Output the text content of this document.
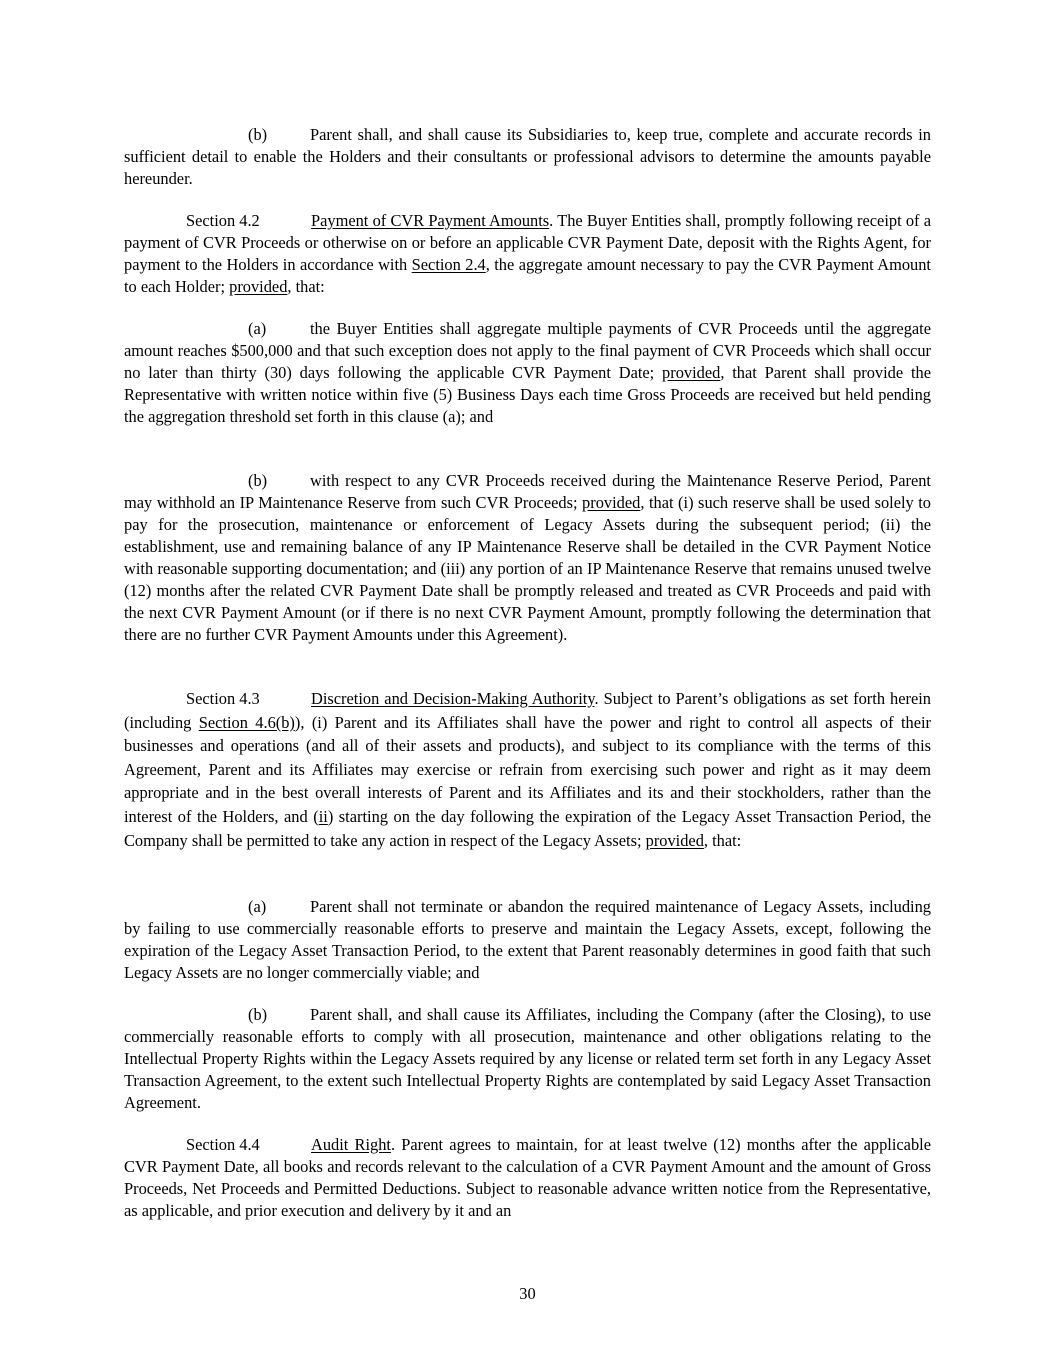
(b)	Parent shall, and shall cause its Subsidiaries to, keep true, complete and accurate records in sufficient detail to enable the Holders and their consultants or professional advisors to determine the amounts payable hereunder.

Section 4.2	Payment of CVR Payment Amounts. The Buyer Entities shall, promptly following receipt of a payment of CVR Proceeds or otherwise on or before an applicable CVR Payment Date, deposit with the Rights Agent, for payment to the Holders in accordance with Section 2.4, the aggregate amount necessary to pay the CVR Payment Amount to each Holder; provided, that:

(a)	the Buyer Entities shall aggregate multiple payments of CVR Proceeds until the aggregate amount reaches $500,000 and that such exception does not apply to the final payment of CVR Proceeds which shall occur no later than thirty (30) days following the applicable CVR Payment Date; provided, that Parent shall provide the Representative with written notice within five (5) Business Days each time Gross Proceeds are received but held pending the aggregation threshold set forth in this clause (a); and

(b)	with respect to any CVR Proceeds received during the Maintenance Reserve Period, Parent may withhold an IP Maintenance Reserve from such CVR Proceeds; provided, that (i) such reserve shall be used solely to pay for the prosecution, maintenance or enforcement of Legacy Assets during the subsequent period; (ii) the establishment, use and remaining balance of any IP Maintenance Reserve shall be detailed in the CVR Payment Notice with reasonable supporting documentation; and (iii) any portion of an IP Maintenance Reserve that remains unused twelve (12) months after the related CVR Payment Date shall be promptly released and treated as CVR Proceeds and paid with the next CVR Payment Amount (or if there is no next CVR Payment Amount, promptly following the determination that there are no further CVR Payment Amounts under this Agreement).

Section 4.3	Discretion and Decision-Making Authority. Subject to Parent’s obligations as set forth herein (including Section 4.6(b)), (i) Parent and its Affiliates shall have the power and right to control all aspects of their businesses and operations (and all of their assets and products), and subject to its compliance with the terms of this Agreement, Parent and its Affiliates may exercise or refrain from exercising such power and right as it may deem appropriate and in the best overall interests of Parent and its Affiliates and its and their stockholders, rather than the interest of the Holders, and (ii) starting on the day following the expiration of the Legacy Asset Transaction Period, the Company shall be permitted to take any action in respect of the Legacy Assets; provided, that:

(a)	Parent shall not terminate or abandon the required maintenance of Legacy Assets, including by failing to use commercially reasonable efforts to preserve and maintain the Legacy Assets, except, following the expiration of the Legacy Asset Transaction Period, to the extent that Parent reasonably determines in good faith that such Legacy Assets are no longer commercially viable; and

(b)	Parent shall, and shall cause its Affiliates, including the Company (after the Closing), to use commercially reasonable efforts to comply with all prosecution, maintenance and other obligations relating to the Intellectual Property Rights within the Legacy Assets required by any license or related term set forth in any Legacy Asset Transaction Agreement, to the extent such Intellectual Property Rights are contemplated by said Legacy Asset Transaction Agreement.

Section 4.4	Audit Right. Parent agrees to maintain, for at least twelve (12) months after the applicable CVR Payment Date, all books and records relevant to the calculation of a CVR Payment Amount and the amount of Gross Proceeds, Net Proceeds and Permitted Deductions. Subject to reasonable advance written notice from the Representative, as applicable, and prior execution and delivery by it and an

30
